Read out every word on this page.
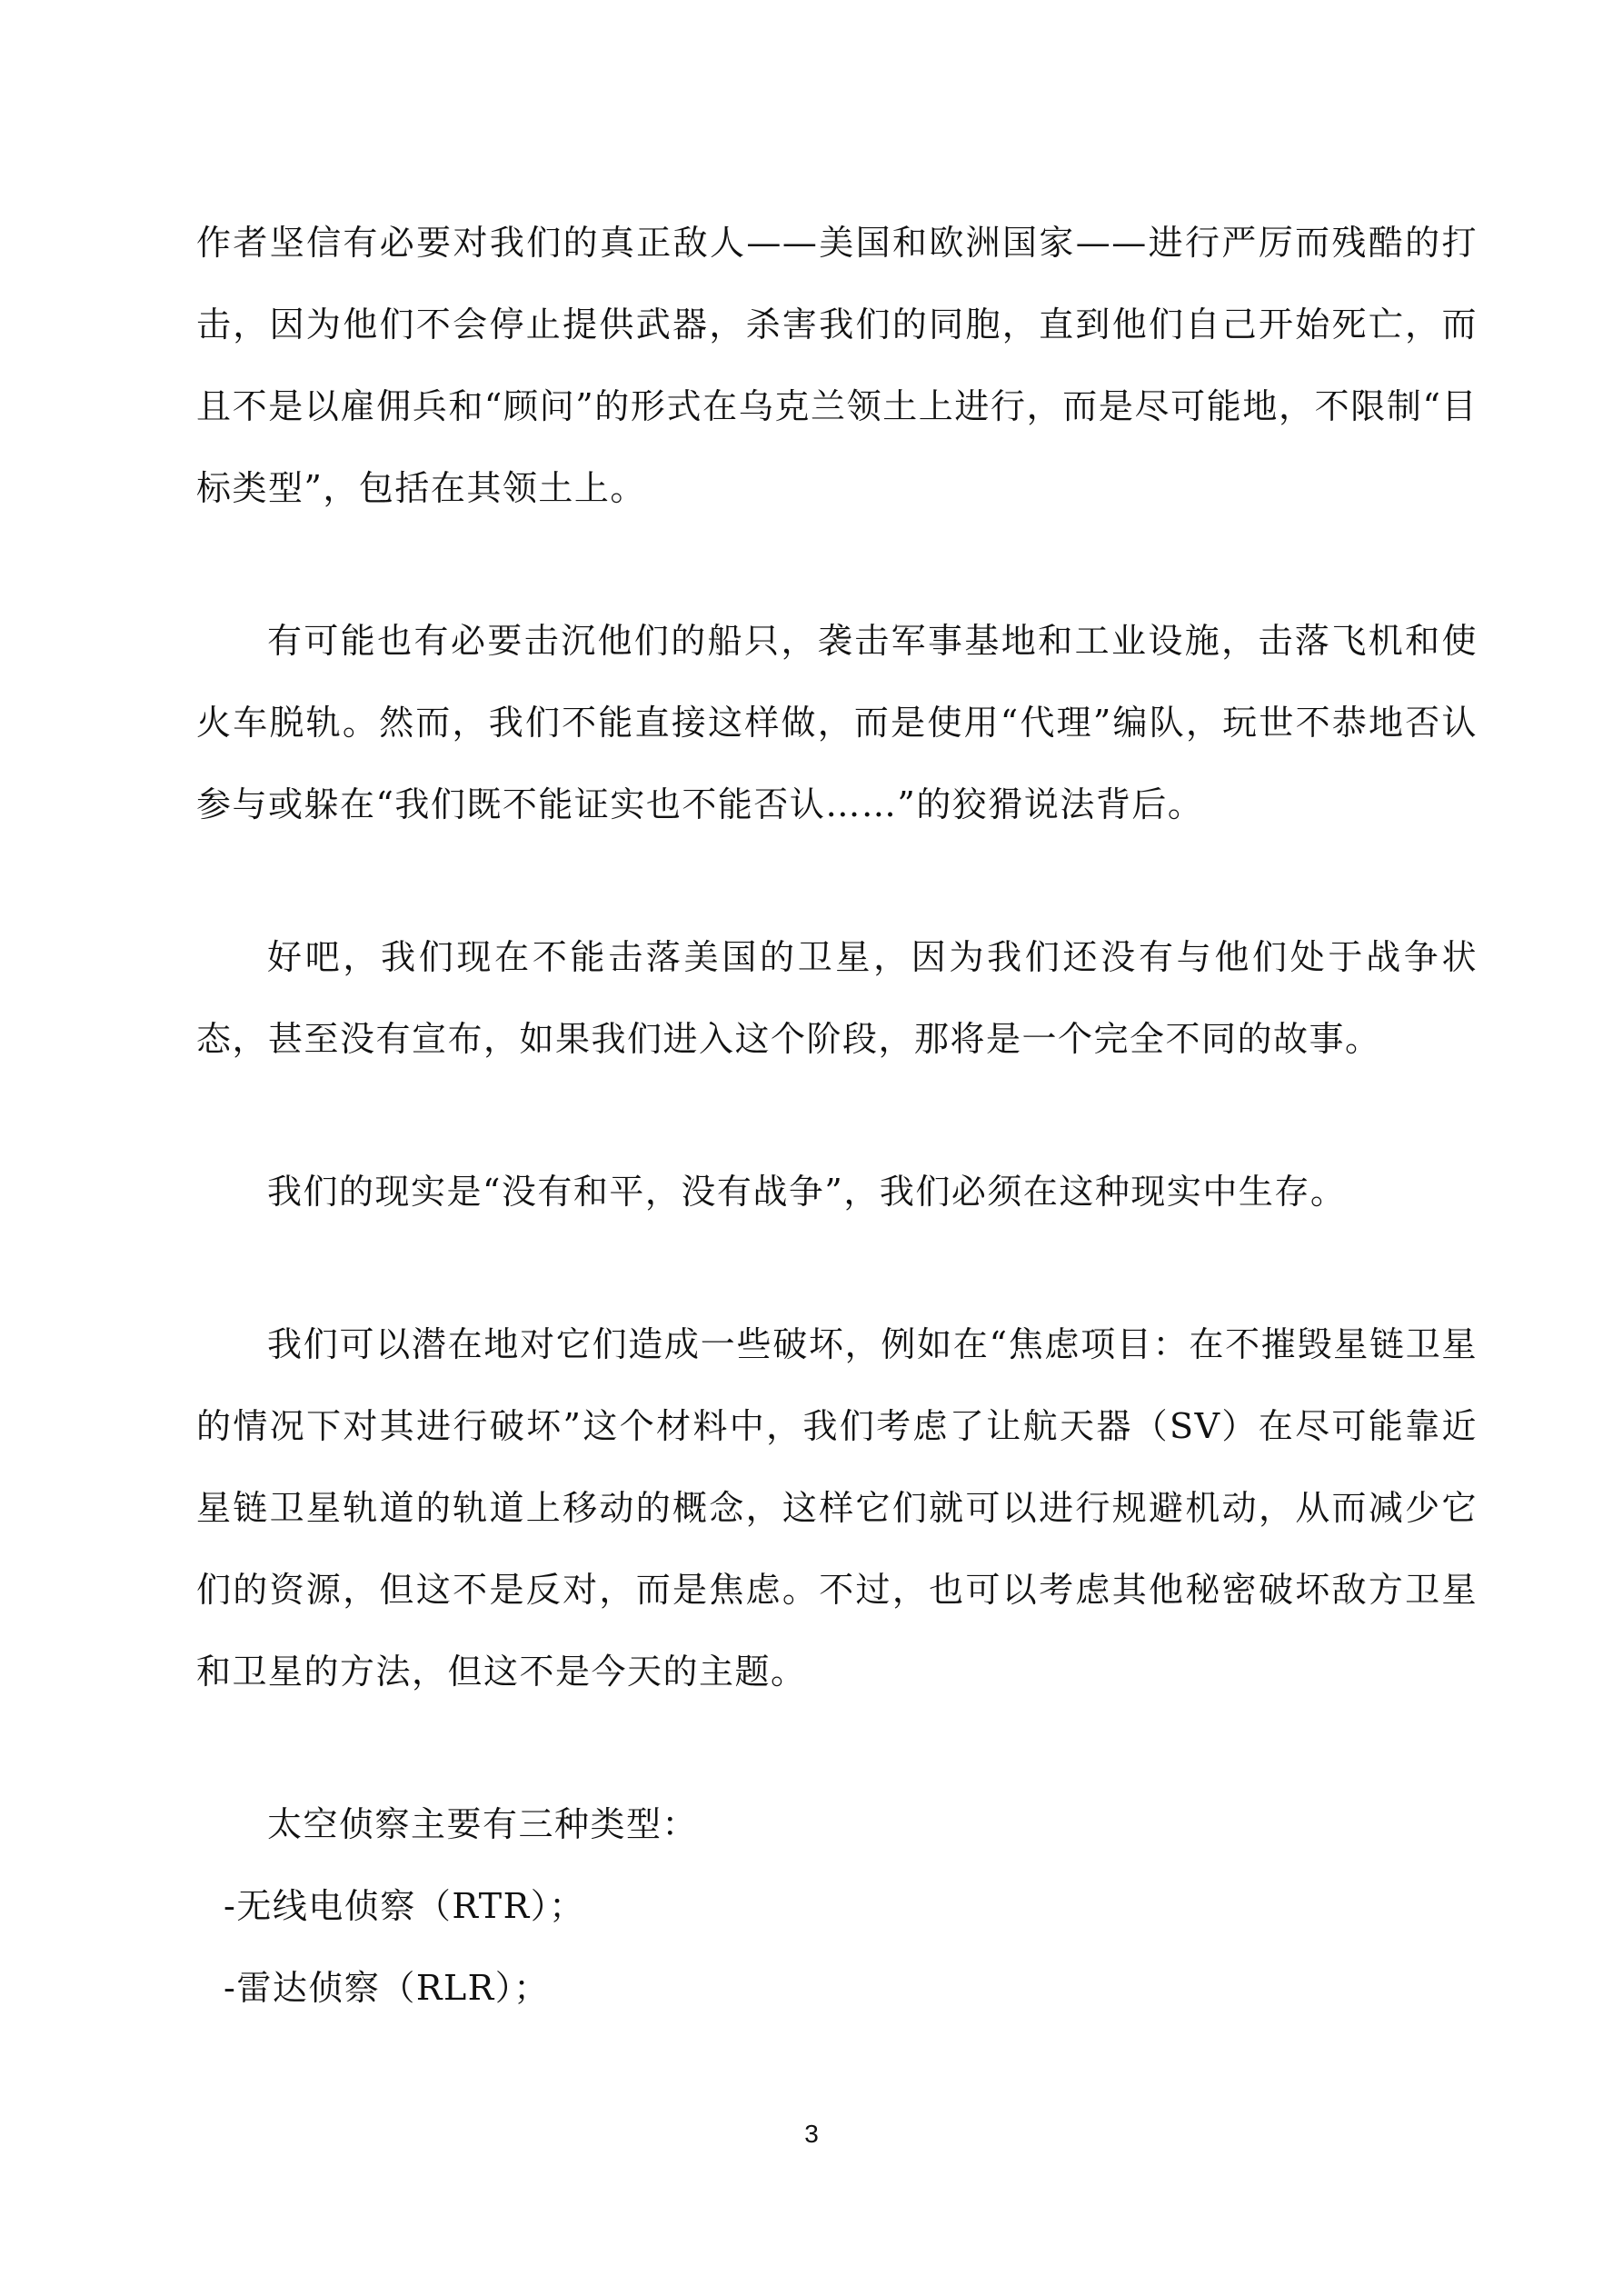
作者坚信有必要对我们的真正敌人——美国和欧洲国家——进行严厉而残酷的打击，因为他们不会停止提供武器，杀害我们的同胞，直到他们自己开始死亡，而且不是以雇佣兵和“顾问”的形式在乌克兰领土上进行，而是尽可能地，不限制“目标类型”，包括在其领土上。

有可能也有必要击沉他们的船只，袭击军事基地和工业设施，击落飞机和使火车脱轨。然而，我们不能直接这样做，而是使用“代理”编队，玩世不恭地否认参与或躲在“我们既不能证实也不能否认……”的狡猾说法背后。

好吧，我们现在不能击落美国的卫星，因为我们还没有与他们处于战争状态，甚至没有宣布，如果我们进入这个阶段，那将是一个完全不同的故事。

我们的现实是“没有和平，没有战争”，我们必须在这种现实中生存。

我们可以潜在地对它们造成一些破坏，例如在“焦虑项目：在不摧毁星链卫星的情况下对其进行破坏”这个材料中，我们考虑了让航天器（SV）在尽可能靠近星链卫星轨道的轨道上移动的概念，这样它们就可以进行规避机动，从而减少它们的资源，但这不是反对，而是焦虑。不过，也可以考虑其他秘密破坏敌方卫星和卫星的方法，但这不是今天的主题。

太空侦察主要有三种类型：

-无线电侦察（RTR）；

-雷达侦察（RLR）；

3
